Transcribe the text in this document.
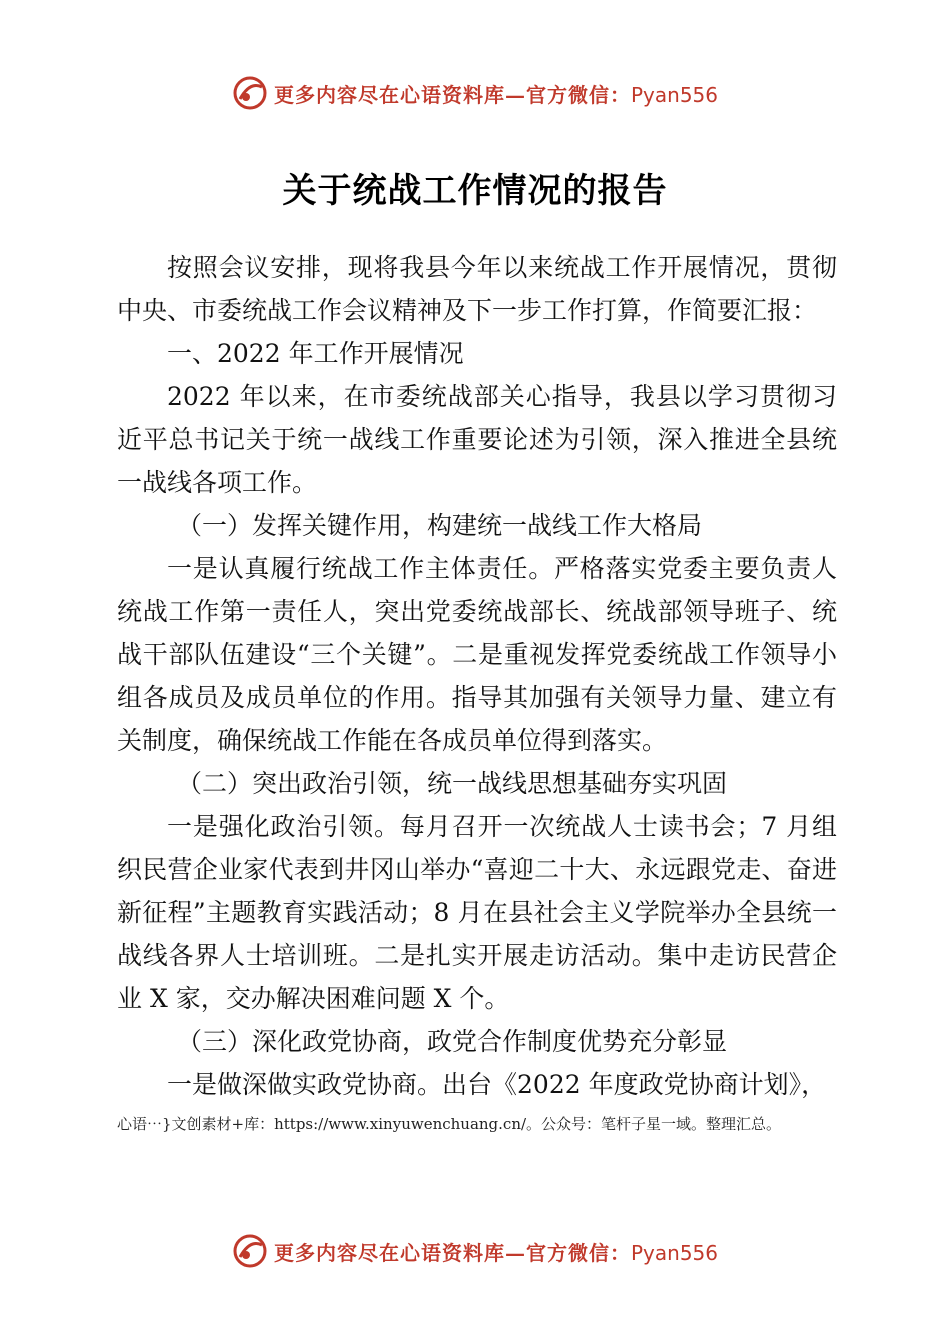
更多内容尽在心语资料库—官方微信：Pyan556
关于统战工作情况的报告

按照会议安排，现将我县今年以来统战工作开展情况，贯彻中央、市委统战工作会议精神及下一步工作打算，作简要汇报：

一、2022 年工作开展情况

2022 年以来，在市委统战部关心指导，我县以学习贯彻习近平总书记关于统一战线工作重要论述为引领，深入推进全县统一战线各项工作。

（一）发挥关键作用，构建统一战线工作大格局

一是认真履行统战工作主体责任。严格落实党委主要负责人统战工作第一责任人，突出党委统战部长、统战部领导班子、统战干部队伍建设“三个关键”。二是重视发挥党委统战工作领导小组各成员及成员单位的作用。指导其加强有关领导力量、建立有关制度，确保统战工作能在各成员单位得到落实。

（二）突出政治引领，统一战线思想基础夯实巩固

一是强化政治引领。每月召开一次统战人士读书会；7 月组织民营企业家代表到井冈山举办“喜迎二十大、永远跟党走、奋进新征程”主题教育实践活动；8 月在县社会主义学院举办全县统一战线各界人士培训班。二是扎实开展走访活动。集中走访民营企业 X 家，交办解决困难问题 X 个。

（三）深化政党协商，政党合作制度优势充分彰显

一是做深做实政党协商。出台《2022 年度政党协商计划》，

心语⋯}文创素材+库：https://www.xinyuwenchuang.cn/。公众号：笔杆子星一域。整理汇总。
更多内容尽在心语资料库—官方微信：Pyan556
